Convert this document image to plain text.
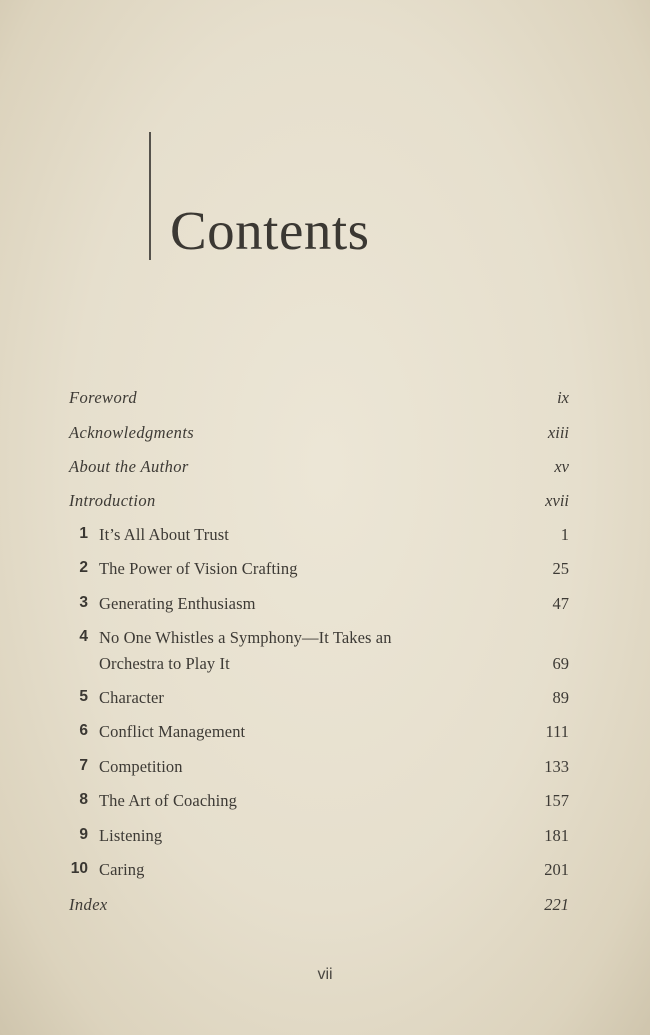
Contents
Foreword	ix
Acknowledgments	xiii
About the Author	xv
Introduction	xvii
1 It’s All About Trust	1
2 The Power of Vision Crafting	25
3 Generating Enthusiasm	47
4 No One Whistles a Symphony—It Takes an
Orchestra to Play It	69
5 Character	89
6 Conflict Management	111
7 Competition	133
8 The Art of Coaching	157
9 Listening	181
10 Caring	201
Index	221
vii
